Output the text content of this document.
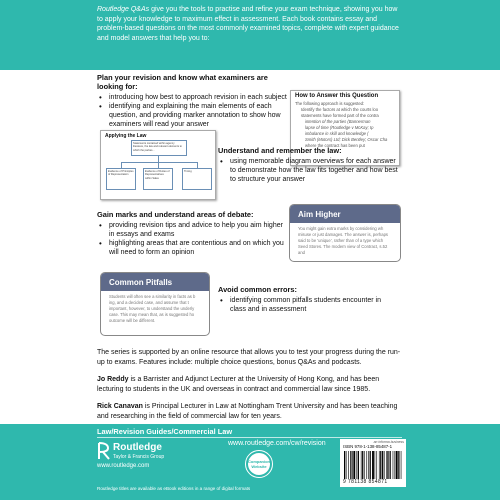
Routledge Q&As give you the tools to practise and refine your exam technique, showing you how to apply your knowledge to maximum effect in assessment. Each book contains essay and problem-based questions on the most commonly examined topics, complete with expert guidance and model answers that help you to:
Plan your revision and know what examiners are looking for:
• introducing how best to approach revision in each subject
• identifying and explaining the main elements of each question, and providing marker annotation to show how examiners will read your answer
How to Answer this Question
The following approach is suggested:
Identify the factors at which the courts loo
statements have formed part of the contra
intention of the parties (Bannerman
lapse of time (Routledge v McKay; Ip
imbalance in skill and knowledge (
Smith (Motors) Ltd; Dick Bentley; Oscar Cha
where the contract has been put
Applying the Law
Statements contained within agency literature, the law and relevant elements to which the parties...
Evidence of Principles of Representation
Evidence of Duties of Representatives within Sales
Timing
Understand and remember the law:
• using memorable diagram overviews for each answer to demonstrate how the law fits together and how best to structure your answer
Gain marks and understand areas of debate:
• providing revision tips and advice to help you aim higher in essays and exams
• highlighting areas that are contentious and on which you will need to form an opinion
Aim Higher
You might gain extra marks by considering wh misuse or just damages. The answer is, perhaps said to be 'unique', rather than of a type which Seed Stores. The modern view of Contract, s.52 and
Common Pitfalls
Students will often see a similarity in facts as b ing, and a decided case, and assume that t important, however, to understand the underly case. This may mean that, as is suggested ho outcome will be different.
Avoid common errors:
• identifying common pitfalls students encounter in class and in assessment

The series is supported by an online resource that allows you to test your progress during the run-up to exams. Features include: multiple choice questions, bonus Q&As and podcasts.

Jo Reddy is a Barrister and Adjunct Lecturer at the University of Hong Kong, and has been lecturing to students in the UK and overseas in contract and commercial law since 1985.

Rick Canavan is Principal Lecturer in Law at Nottingham Trent University and has been teaching and researching in the field of commercial law for ten years.

Law/Revision Guides/Commercial Law
Routledge
Taylor & Francis Group
www.routledge.com
www.routledge.com/cw/revision
Companion
Website
an informa business
ISBN 978-1-138-85487-1
9 781138 854871
Routledge titles are available as eBook editions in a range of digital formats
